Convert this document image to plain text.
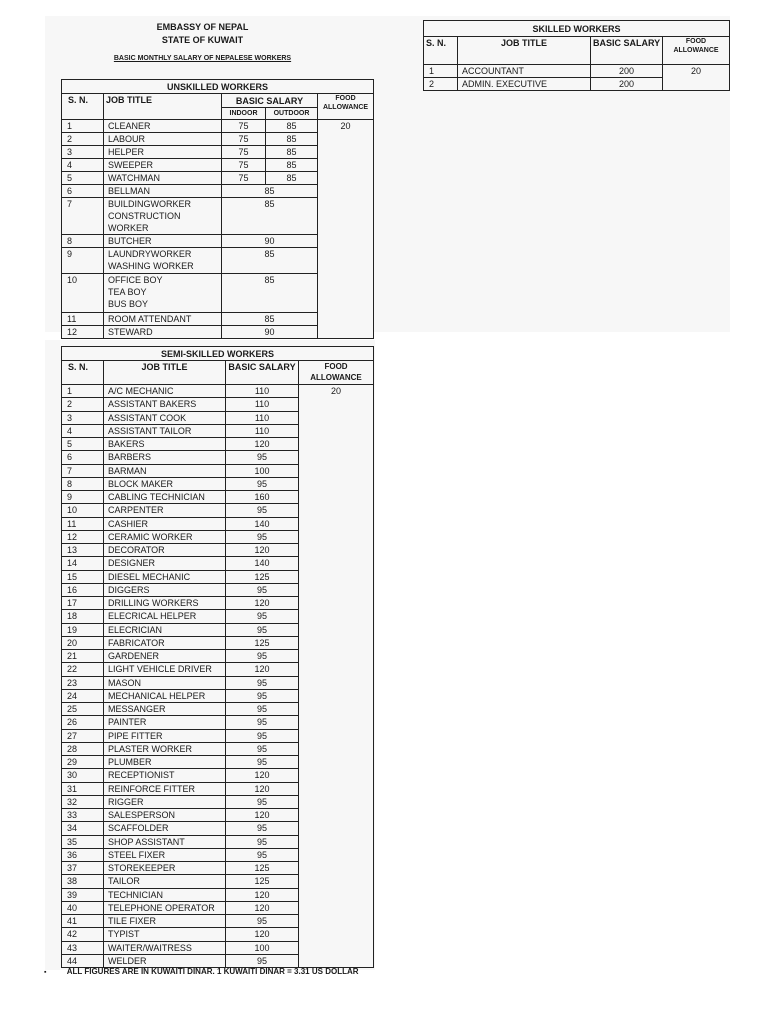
EMBASSY OF NEPAL
STATE OF KUWAIT
BASIC MONTHLY SALARY OF NEPALESE WORKERS
SKILLED WORKERS			
S. N.	JOB TITLE	BASIC SALARY	FOOD ALLOWANCE
1	ACCOUNTANT	200	20
2	ADMIN. EXECUTIVE	200	
UNSKILLED WORKERS				
S. N.	JOB TITLE	BASIC SALARY		FOOD ALLOWANCE
		INDOOR	OUTDOOR	
1	CLEANER	75	85	20
2	LABOUR	75	85	
3	HELPER	75	85	
4	SWEEPER	75	85	
5	WATCHMAN	75	85	
6	BELLMAN	85		
7	BUILDINGWORKER
CONSTRUCTION WORKER	85		
8	BUTCHER	90		
9	LAUNDRYWORKER
WASHING WORKER	85		
10	OFFICE BOY
TEA BOY
BUS BOY	85		
11	ROOM ATTENDANT	85		
12	STEWARD	90		
SEMI-SKILLED WORKERS			
S. N.	JOB TITLE	BASIC SALARY	FOOD ALLOWANCE
1	A/C MECHANIC	110	20
2	ASSISTANT BAKERS	110	
3	ASSISTANT COOK	110	
4	ASSISTANT TAILOR	110	
5	BAKERS	120	
6	BARBERS	95	
7	BARMAN	100	
8	BLOCK MAKER	95	
9	CABLING TECHNICIAN	160	
10	CARPENTER	95	
11	CASHIER	140	
12	CERAMIC WORKER	95	
13	DECORATOR	120	
14	DESIGNER	140	
15	DIESEL MECHANIC	125	
16	DIGGERS	95	
17	DRILLING WORKERS	120	
18	ELECRICAL HELPER	95	
19	ELECRICIAN	95	
20	FABRICATOR	125	
21	GARDENER	95	
22	LIGHT VEHICLE DRIVER	120	
23	MASON	95	
24	MECHANICAL HELPER	95	
25	MESSANGER	95	
26	PAINTER	95	
27	PIPE FITTER	95	
28	PLASTER WORKER	95	
29	PLUMBER	95	
30	RECEPTIONIST	120	
31	REINFORCE FITTER	120	
32	RIGGER	95	
33	SALESPERSON	120	
34	SCAFFOLDER	95	
35	SHOP ASSISTANT	95	
36	STEEL FIXER	95	
37	STOREKEEPER	125	
38	TAILOR	125	
39	TECHNICIAN	120	
40	TELEPHONE OPERATOR	120	
41	TILE FIXER	95	
42	TYPIST	120	
43	WAITER/WAITRESS	100	
44	WELDER	95	
▪	ALL FIGURES ARE IN KUWAITI DINAR. 1 KUWAITI DINAR = 3.31 US DOLLAR
